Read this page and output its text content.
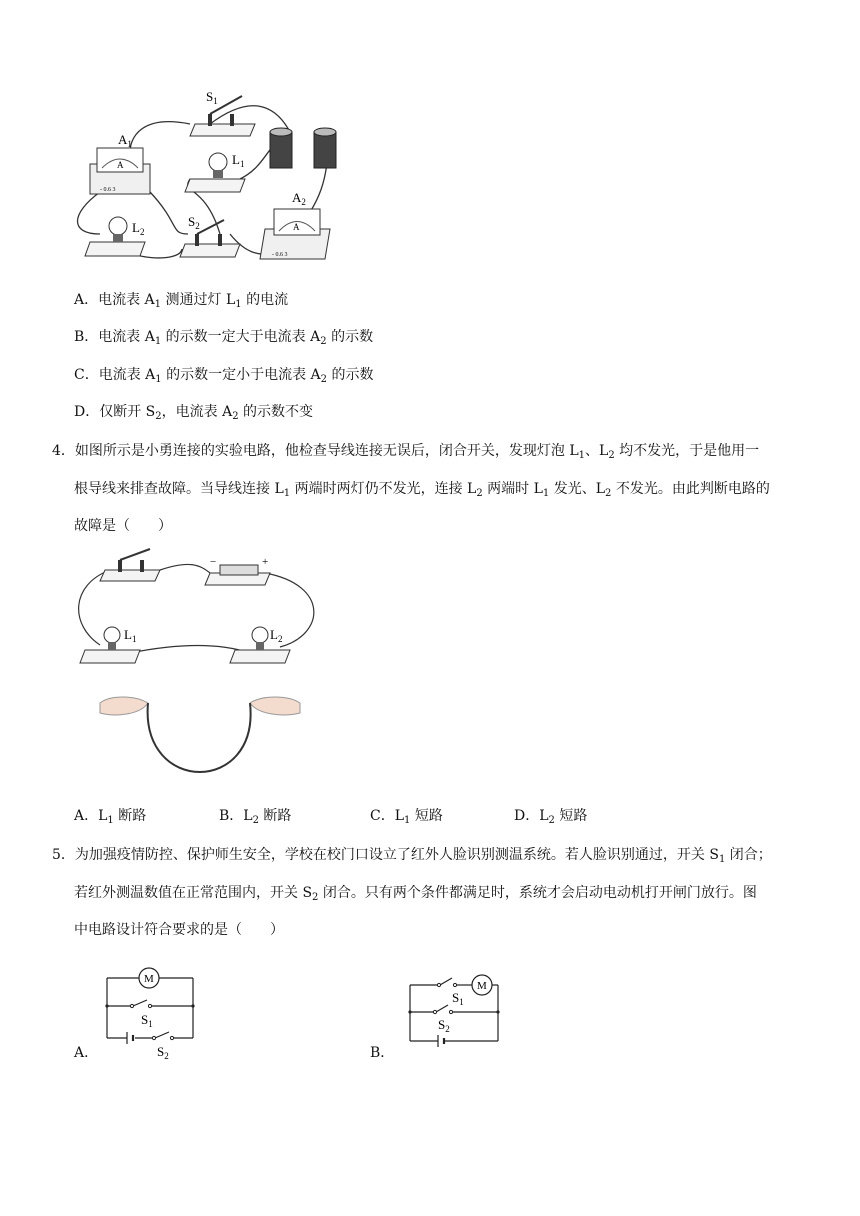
$S_1$
A
- 0.6 3
$A_1$
$L_1$
$L_2$
$S_2$	A
- 0.6 3
$A_2$
A．电流表 $A_1$ 测通过灯 $L_1$ 的电流
B．电流表 $A_1$ 的示数一定大于电流表 $A_2$ 的示数
C．电流表 $A_1$ 的示数一定小于电流表 $A_2$ 的示数
D．仅断开 $S_2$，电流表 $A_2$ 的示数不变
4．如图所示是小勇连接的实验电路，他检查导线连接无误后，闭合开关，发现灯泡 $L_1$、$L_2$ 均不发光，于是他用一
根导线来排查故障。当导线连接 $L_1$ 两端时两灯仍不发光，连接 $L_2$ 两端时 $L_1$ 发光、$L_2$ 不发光。由此判断电路的
故障是（　　）
−	+
$L_1$	$L_2$
A．$L_1$ 断路	B．$L_2$ 断路	C．$L_1$ 短路	D．$L_2$ 短路
5．为加强疫情防控、保护师生安全，学校在校门口设立了红外人脸识别测温系统。若人脸识别通过，开关 $S_1$ 闭合；
若红外测温数值在正常范围内，开关 $S_2$ 闭合。只有两个条件都满足时，系统才会启动电动机打开闸门放行。图
中电路设计符合要求的是（　　）
A．
M
$S_1$
$S_2$	B．
M
$S_1$
$S_2$
